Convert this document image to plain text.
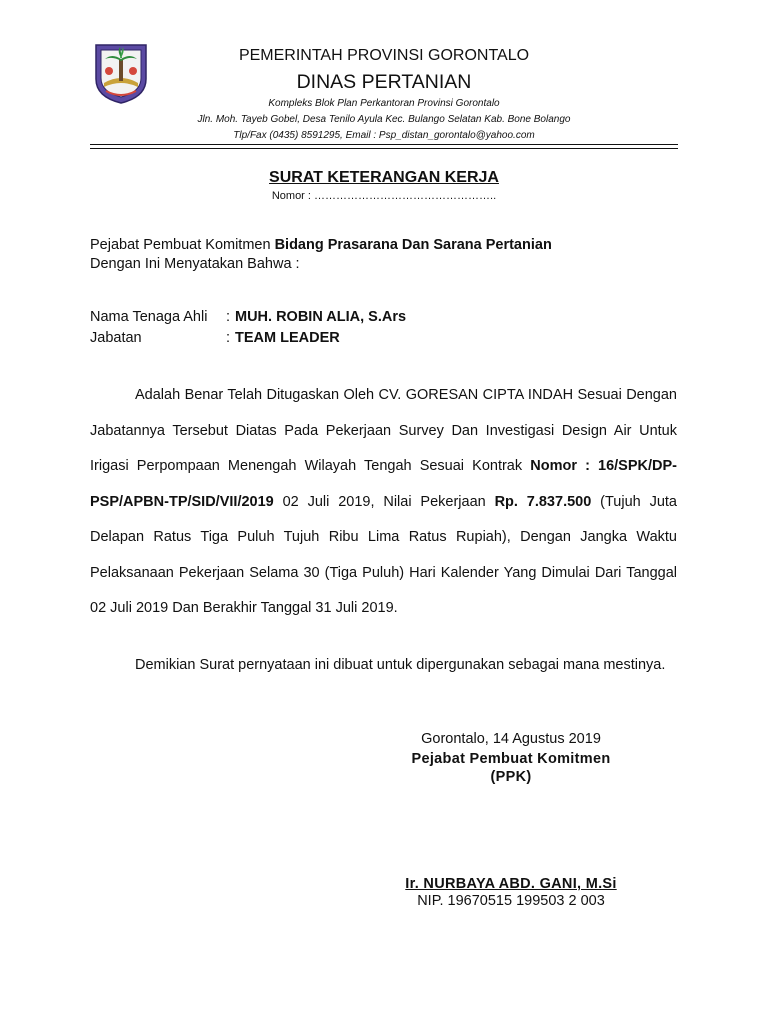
PEMERINTAH PROVINSI GORONTALO
DINAS PERTANIAN
Kompleks Blok Plan Perkantoran Provinsi Gorontalo
Jln. Moh. Tayeb Gobel, Desa Tenilo Ayula Kec. Bulango Selatan Kab. Bone Bolango
Tlp/Fax (0435) 8591295, Email : Psp_distan_gorontalo@yahoo.com
SURAT KETERANGAN KERJA
Nomor : …………………………………………..
Pejabat Pembuat Komitmen Bidang Prasarana Dan Sarana Pertanian
Dengan Ini Menyatakan Bahwa :
Nama Tenaga Ahli : MUH. ROBIN ALIA, S.Ars
Jabatan	: TEAM LEADER

Adalah Benar Telah Ditugaskan Oleh CV. GORESAN CIPTA INDAH Sesuai Dengan Jabatannya Tersebut Diatas Pada Pekerjaan Survey Dan Investigasi Design Air Untuk Irigasi Perpompaan Menengah Wilayah Tengah Sesuai Kontrak Nomor : 16/SPK/DP-PSP/APBN-TP/SID/VII/2019 02 Juli 2019, Nilai Pekerjaan Rp. 7.837.500 (Tujuh Juta Delapan Ratus Tiga Puluh Tujuh Ribu Lima Ratus Rupiah), Dengan Jangka Waktu Pelaksanaan Pekerjaan Selama 30 (Tiga Puluh) Hari Kalender Yang Dimulai Dari Tanggal 02 Juli 2019 Dan Berakhir Tanggal 31 Juli 2019.

Demikian Surat pernyataan ini dibuat untuk dipergunakan sebagai mana mestinya.

Gorontalo, 14 Agustus 2019
Pejabat Pembuat Komitmen
(PPK)
Ir. NURBAYA ABD. GANI, M.Si
NIP. 19670515 199503 2 003
